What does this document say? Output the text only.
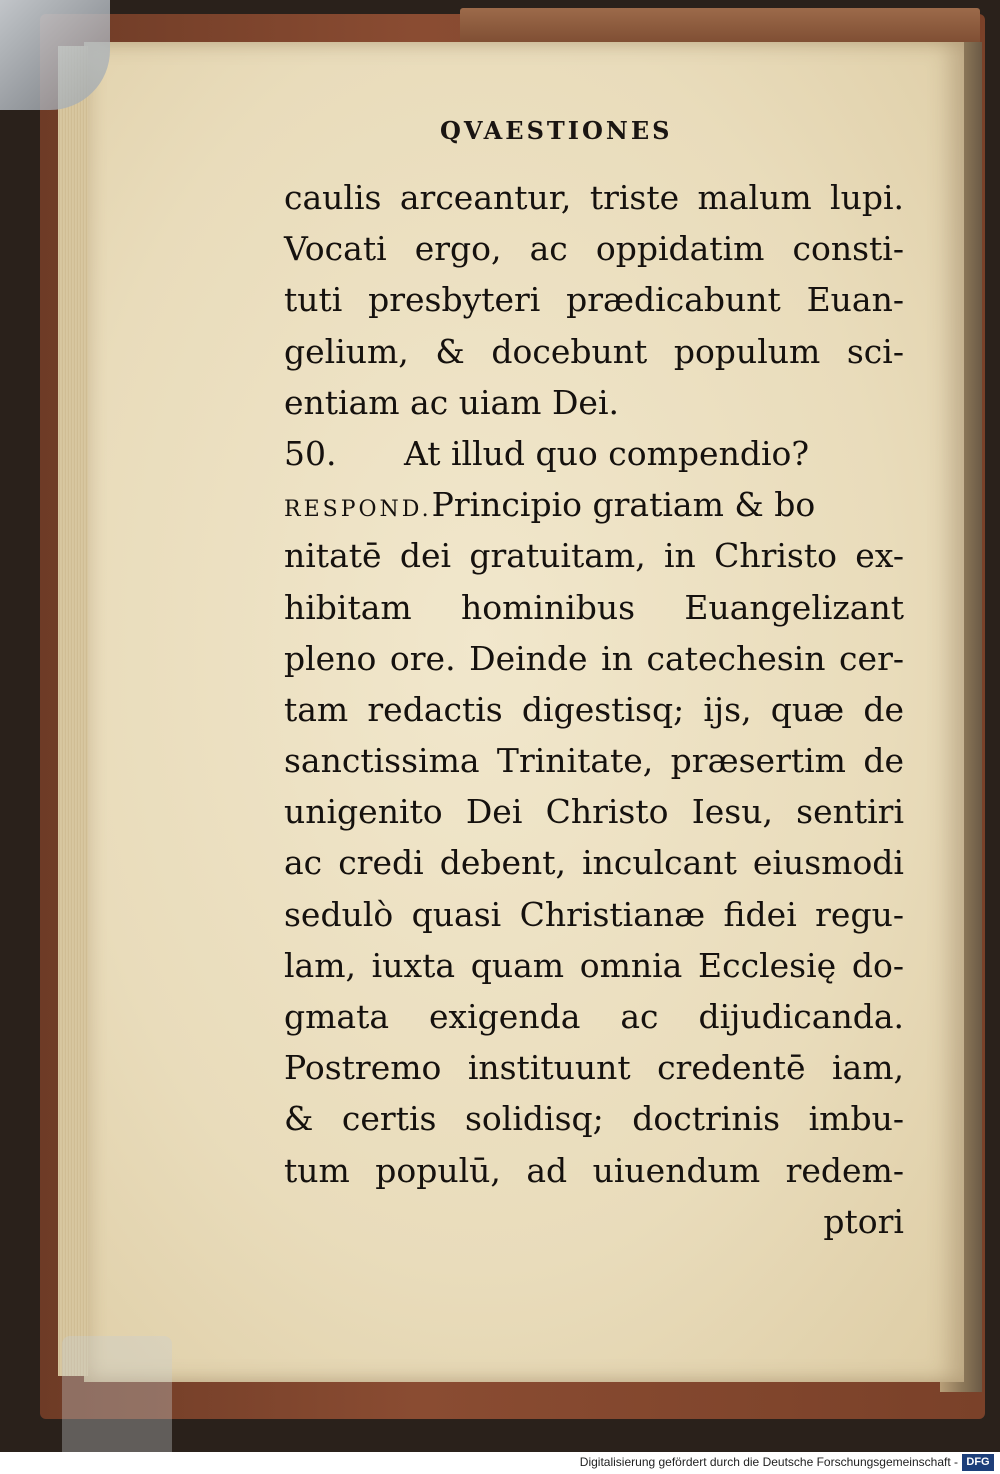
QVAESTIONES
caulis arceantur, triste malum lupi.
Vocati ergo, ac oppidatim consti-
tuti presbyteri prædicabunt Euan-
gelium, & docebunt populum sci-
entiam ac uiam Dei.
50. At illud quo compendio?
RESPOND.Principio gratiam & bo
nitatē dei gratuitam, in Christo ex-
hibitam hominibus Euangelizant
pleno ore. Deinde in catechesin cer-
tam redactis digestisq; ijs, quæ de
sanctissima Trinitate, præsertim de
unigenito Dei Christo Iesu, sentiri
ac credi debent, inculcant eiusmodi
sedulò quasi Christianæ fidei regu-
lam, iuxta quam omnia Ecclesię do-
gmata exigenda ac dijudicanda.
Postremo instituunt credentē iam,
& certis solidisq; doctrinis imbu-
tum populū, ad uiuendum redem-
ptori
Digitalisierung gefördert durch die Deutsche Forschungsgemeinschaft - DFG
